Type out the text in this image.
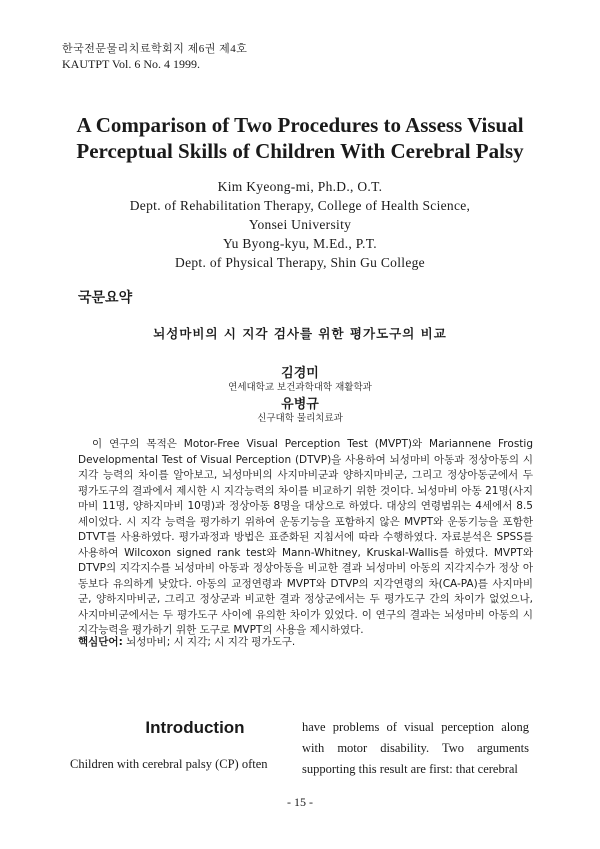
한국전문물리치료학회지 제6권 제4호
KAUTPT Vol. 6 No. 4 1999.
A Comparison of Two Procedures to Assess Visual Perceptual Skills of Children With Cerebral Palsy
Kim Kyeong-mi, Ph.D., O.T.
Dept. of Rehabilitation Therapy, College of Health Science,
Yonsei University
Yu Byong-kyu, M.Ed., P.T.
Dept. of Physical Therapy, Shin Gu College
국문요약
뇌성마비의 시 지각 검사를 위한 평가도구의 비교
김경미
연세대학교 보건과학대학 재활학과
유병규
신구대학 물리치료과

이 연구의 목적은 Motor-Free Visual Perception Test (MVPT)와 Mariannene Frostig Developmental Test of Visual Perception (DTVP)을 사용하여 뇌성마비 아동과 정상아동의 시 지각 능력의 차이를 알아보고, 뇌성마비의 사지마비군과 양하지마비군, 그리고 정상아동군에서 두 평가도구의 결과에서 제시한 시 지각능력의 차이를 비교하기 위한 것이다. 뇌성마비 아동 21명(사지마비 11명, 양하지마비 10명)과 정상아동 8명을 대상으로 하였다. 대상의 연령범위는 4세에서 8.5세이었다. 시 지각 능력을 평가하기 위하여 운동기능을 포함하지 않은 MVPT와 운동기능을 포함한 DTVT를 사용하였다. 평가과정과 방법은 표준화된 지침서에 따라 수행하였다. 자료분석은 SPSS를 사용하여 Wilcoxon signed rank test와 Mann-Whitney, Kruskal-Wallis를 하였다. MVPT와 DTVP의 지각지수를 뇌성마비 아동과 정상아동을 비교한 결과 뇌성마비 아동의 지각지수가 정상 아동보다 유의하게 낮았다. 아동의 교정연령과 MVPT와 DTVP의 지각연령의 차(CA-PA)를 사지마비군, 양하지마비군, 그리고 정상군과 비교한 결과 정상군에서는 두 평가도구 간의 차이가 없었으나, 사지마비군에서는 두 평가도구 사이에 유의한 차이가 있었다. 이 연구의 결과는 뇌성마비 아동의 시 지각능력을 평가하기 위한 도구로 MVPT의 사용을 제시하였다.

핵심단어: 뇌성마비; 시 지각; 시 지각 평가도구.
Introduction
Children with cerebral palsy (CP) often
have problems of visual perception along with motor disability. Two arguments supporting this result are first: that cerebral
- 15 -
